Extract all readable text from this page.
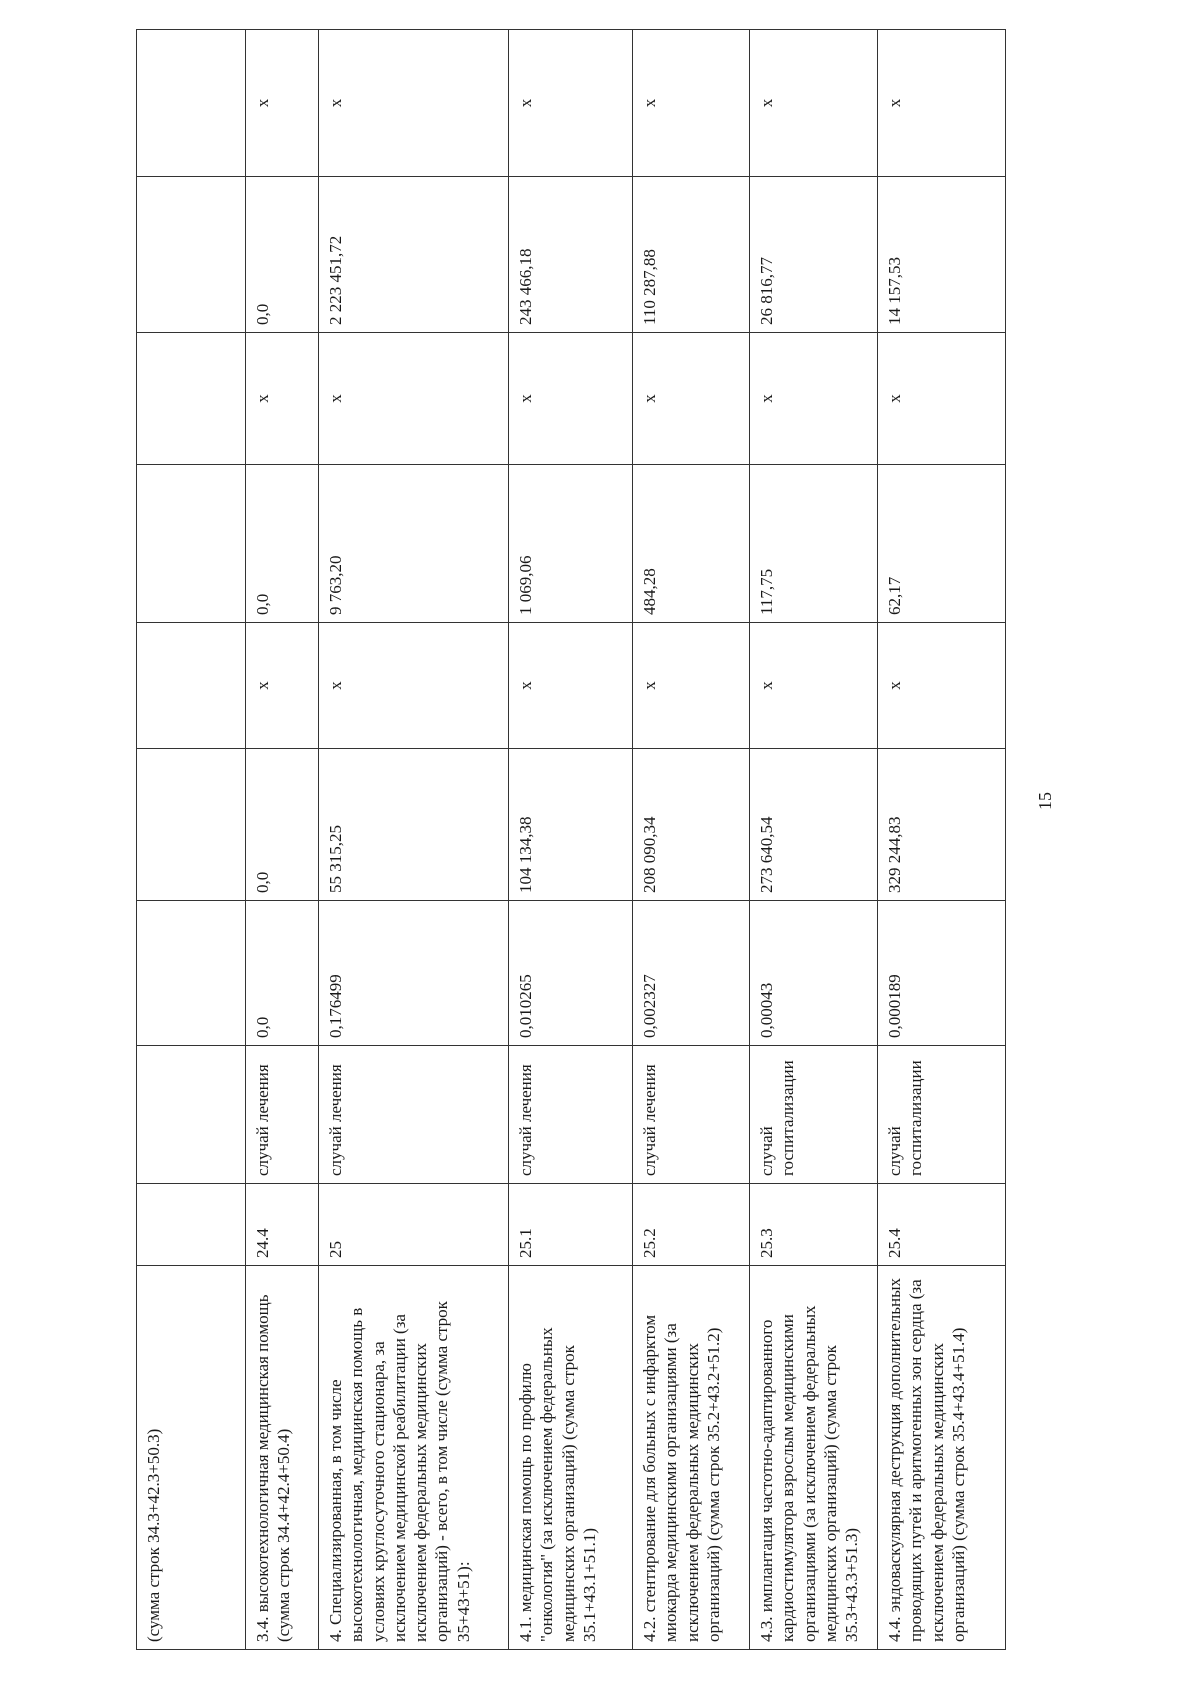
(сумма строк 34.3+42.3+50.3)									
3.4. высокотехнологичная медицинская помощь (сумма строк 34.4+42.4+50.4)	24.4	случай лечения	0,0	0,0	х	0,0	х	0,0	х
4. Специализированная, в том числе высокотехнологичная, медицинская помощь в условиях круглосуточного стационара, за исключением медицинской реабилитации (за исключением федеральных медицинских организаций) - всего, в том числе (сумма строк 35+43+51):	25	случай лечения	0,176499	55 315,25	х	9 763,20	х	2 223 451,72	х
4.1. медицинская помощь по профилю "онкология" (за исключением федеральных медицинских организаций) (сумма строк 35.1+43.1+51.1)	25.1	случай лечения	0,010265	104 134,38	х	1 069,06	х	243 466,18	х
4.2. стентирование для больных с инфарктом миокарда медицинскими организациями (за исключением федеральных медицинских организаций) (сумма строк 35.2+43.2+51.2)	25.2	случай лечения	0,002327	208 090,34	х	484,28	х	110 287,88	х
4.3. имплантация частотно-адаптированного кардиостимулятора взрослым медицинскими организациями (за исключением федеральных медицинских организаций) (сумма строк 35.3+43.3+51.3)	25.3	случай госпитализации	0,00043	273 640,54	х	117,75	х	26 816,77	х
4.4. эндоваскулярная деструкция дополнительных проводящих путей и аритмогенных зон сердца (за исключением федеральных медицинских организаций) (сумма строк 35.4+43.4+51.4)	25.4	случай госпитализации	0,000189	329 244,83	х	62,17	х	14 157,53	х
15
